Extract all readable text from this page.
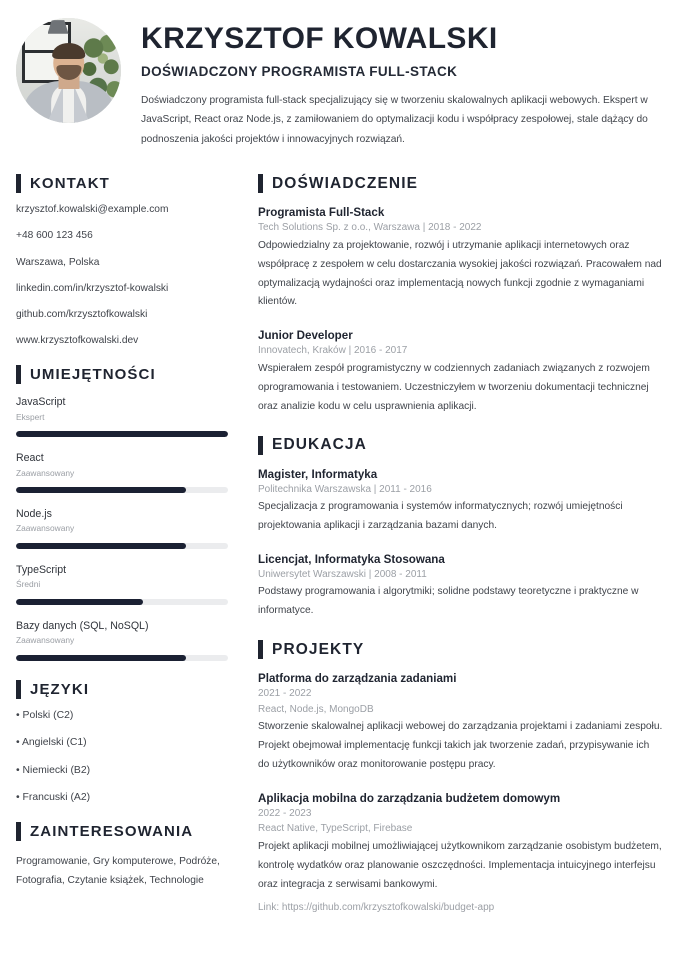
KRZYSZTOF KOWALSKI
DOŚWIADCZONY PROGRAMISTA FULL-STACK

Doświadczony programista full-stack specjalizujący się w tworzeniu skalowalnych aplikacji webowych. Ekspert w JavaScript, React oraz Node.js, z zamiłowaniem do optymalizacji kodu i współpracy zespołowej, stale dążący do podnoszenia jakości projektów i innowacyjnych rozwiązań.

KONTAKT
krzysztof.kowalski@example.com
+48 600 123 456
Warszawa, Polska
linkedin.com/in/krzysztof-kowalski
github.com/krzysztofkowalski
www.krzysztofkowalski.dev
UMIEJĘTNOŚCI
JavaScript
Ekspert
React
Zaawansowany
Node.js
Zaawansowany
TypeScript
Średni
Bazy danych (SQL, NoSQL)
Zaawansowany
JĘZYKI
• Polski (C2)
• Angielski (C1)
• Niemiecki (B2)
• Francuski (A2)
ZAINTERESOWANIA
Programowanie, Gry komputerowe, Podróże, Fotografia, Czytanie książek, Technologie
DOŚWIADCZENIE
Programista Full-Stack
Tech Solutions Sp. z o.o., Warszawa | 2018 - 2022
Odpowiedzialny za projektowanie, rozwój i utrzymanie aplikacji internetowych oraz współpracę z zespołem w celu dostarczania wysokiej jakości rozwiązań. Pracowałem nad optymalizacją wydajności oraz implementacją nowych funkcji zgodnie z wymaganiami klientów.
Junior Developer
Innovatech, Kraków | 2016 - 2017
Wspierałem zespół programistyczny w codziennych zadaniach związanych z rozwojem oprogramowania i testowaniem. Uczestniczyłem w tworzeniu dokumentacji technicznej oraz analizie kodu w celu usprawnienia aplikacji.
EDUKACJA
Magister, Informatyka
Politechnika Warszawska | 2011 - 2016
Specjalizacja z programowania i systemów informatycznych; rozwój umiejętności projektowania aplikacji i zarządzania bazami danych.
Licencjat, Informatyka Stosowana
Uniwersytet Warszawski | 2008 - 2011
Podstawy programowania i algorytmiki; solidne podstawy teoretyczne i praktyczne w informatyce.
PROJEKTY
Platforma do zarządzania zadaniami
2021 - 2022
React, Node.js, MongoDB
Stworzenie skalowalnej aplikacji webowej do zarządzania projektami i zadaniami zespołu. Projekt obejmował implementację funkcji takich jak tworzenie zadań, przypisywanie ich do użytkowników oraz monitorowanie postępu pracy.
Aplikacja mobilna do zarządzania budżetem domowym
2022 - 2023
React Native, TypeScript, Firebase
Projekt aplikacji mobilnej umożliwiającej użytkownikom zarządzanie osobistym budżetem, kontrolę wydatków oraz planowanie oszczędności. Implementacja intuicyjnego interfejsu oraz integracja z serwisami bankowymi.
Link: https://github.com/krzysztofkowalski/budget-app
